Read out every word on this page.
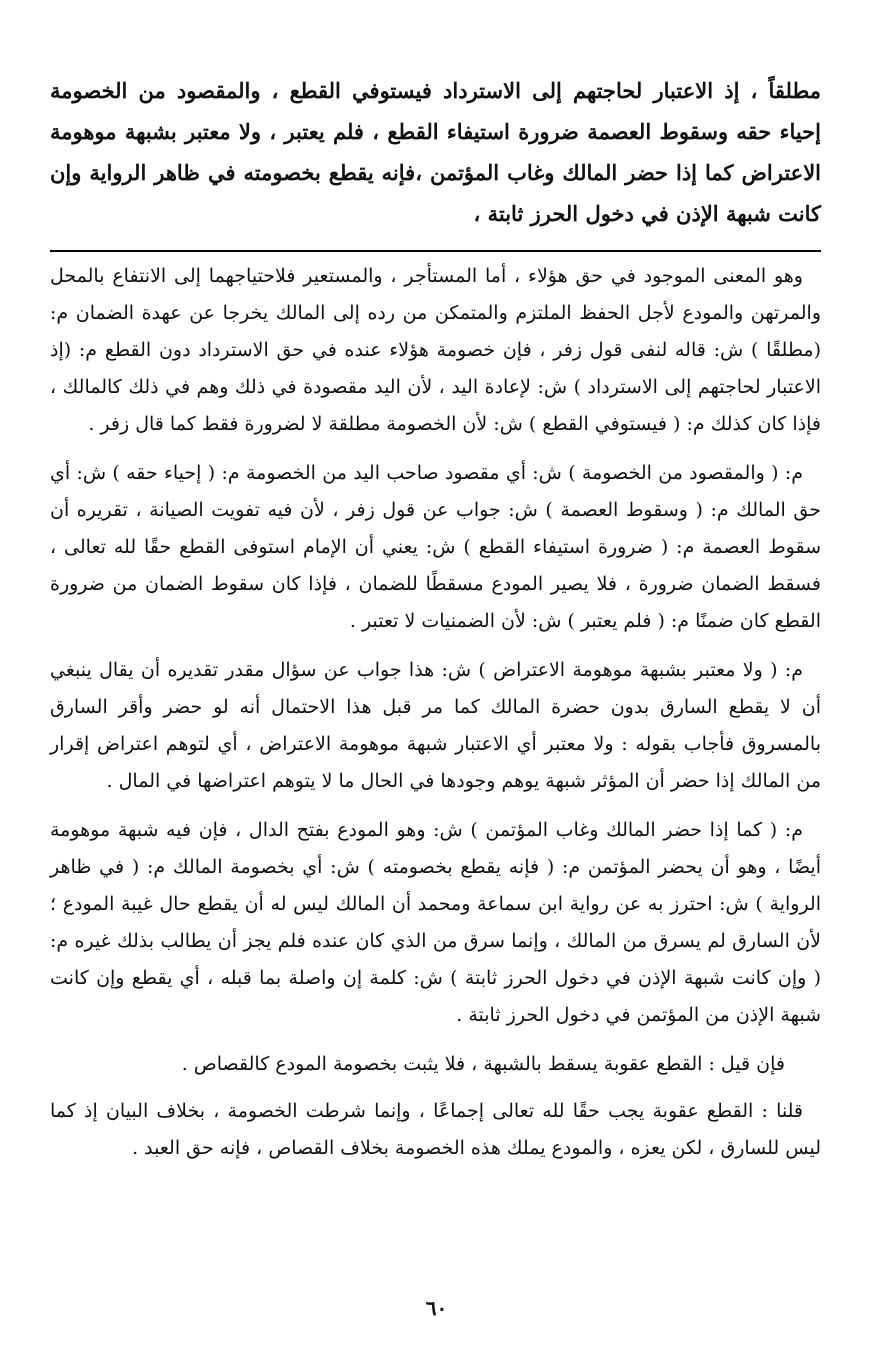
مطلقاً ، إذ الاعتبار لحاجتهم إلى الاسترداد فيستوفي القطع ، والمقصود من الخصومة إحياء حقه وسقوط العصمة ضرورة استيفاء القطع ، فلم يعتبر ، ولا معتبر بشبهة موهومة الاعتراض كما إذا حضر المالك وغاب المؤتمن ،فإنه يقطع بخصومته في ظاهر الرواية وإن كانت شبهة الإذن في دخول الحرز ثابتة ،

وهو المعنى الموجود في حق هؤلاء ، أما المستأجر ، والمستعير فلاحتياجهما إلى الانتفاع بالمحل والمرتهن والمودع لأجل الحفظ الملتزم والمتمكن من رده إلى المالك يخرجا عن عهدة الضمان م: (مطلقًا ) ش: قاله لنفى قول زفر ، فإن خصومة هؤلاء عنده في حق الاسترداد دون القطع م: (إذ الاعتبار لحاجتهم إلى الاسترداد ) ش: لإعادة اليد ، لأن اليد مقصودة في ذلك وهم في ذلك كالمالك ، فإذا كان كذلك م: ( فيستوفي القطع ) ش: لأن الخصومة مطلقة لا لضرورة فقط كما قال زفر .

م: ( والمقصود من الخصومة ) ش: أي مقصود صاحب اليد من الخصومة م: ( إحياء حقه ) ش: أي حق المالك م: ( وسقوط العصمة ) ش: جواب عن قول زفر ، لأن فيه تفويت الصيانة ، تقريره أن سقوط العصمة م: ( ضرورة استيفاء القطع ) ش: يعني أن الإمام استوفى القطع حقًا لله تعالى ، فسقط الضمان ضرورة ، فلا يصير المودع مسقطًا للضمان ، فإذا كان سقوط الضمان من ضرورة القطع كان ضمنًا م: ( فلم يعتبر ) ش: لأن الضمنيات لا تعتبر .

م: ( ولا معتبر بشبهة موهومة الاعتراض ) ش: هذا جواب عن سؤال مقدر تقديره أن يقال ينبغي أن لا يقطع السارق بدون حضرة المالك كما مر قبل هذا الاحتمال أنه لو حضر وأقر السارق بالمسروق فأجاب بقوله : ولا معتبر أي الاعتبار شبهة موهومة الاعتراض ، أي لتوهم اعتراض إقرار من المالك إذا حضر أن المؤثر شبهة يوهم وجودها في الحال ما لا يتوهم اعتراضها في المال .

م: ( كما إذا حضر المالك وغاب المؤتمن ) ش: وهو المودع بفتح الدال ، فإن فيه شبهة موهومة أيضًا ، وهو أن يحضر المؤتمن م: ( فإنه يقطع بخصومته ) ش: أي بخصومة المالك م: ( في ظاهر الرواية ) ش: احترز به عن رواية ابن سماعة ومحمد أن المالك ليس له أن يقطع حال غيبة المودع ؛ لأن السارق لم يسرق من المالك ، وإنما سرق من الذي كان عنده فلم يجز أن يطالب بذلك غيره م: ( وإن كانت شبهة الإذن في دخول الحرز ثابتة ) ش: كلمة إن واصلة بما قبله ، أي يقطع وإن كانت شبهة الإذن من المؤتمن في دخول الحرز ثابتة .

فإن قيل : القطع عقوبة يسقط بالشبهة ، فلا يثبت بخصومة المودع كالقصاص .

قلنا : القطع عقوبة يجب حقًا لله تعالى إجماعًا ، وإنما شرطت الخصومة ، بخلاف البيان إذ كما ليس للسارق ، لكن يعزه ، والمودع يملك هذه الخصومة بخلاف القصاص ، فإنه حق العبد .

٦٠
